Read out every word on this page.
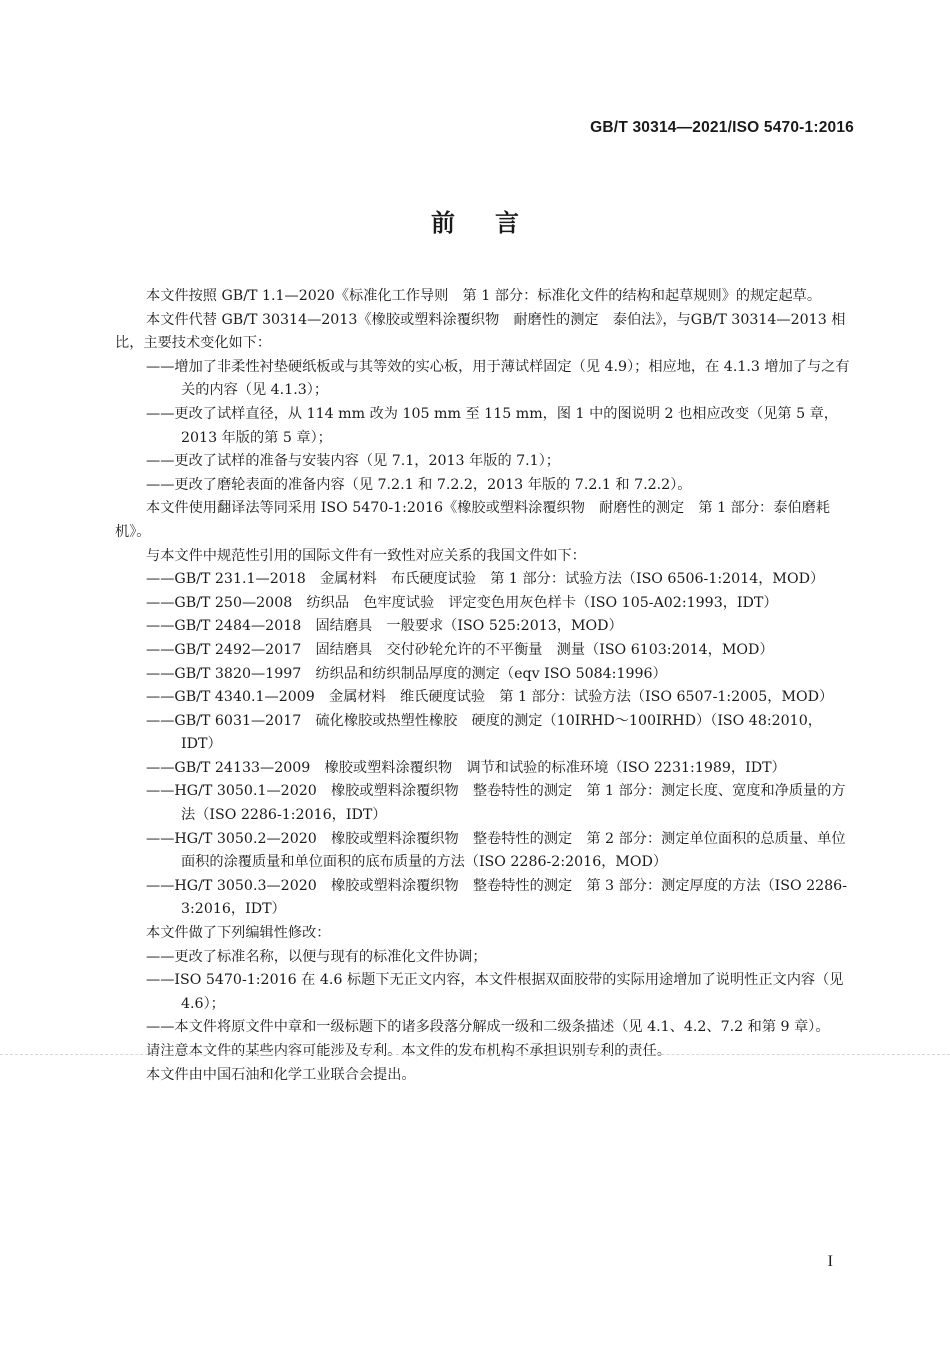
GB/T 30314—2021/ISO 5470-1:2016
前言

本文件按照 GB/T 1.1—2020《标准化工作导则　第 1 部分：标准化文件的结构和起草规则》的规定起草。

本文件代替 GB/T 30314—2013《橡胶或塑料涂覆织物　耐磨性的测定　泰伯法》，与GB/T 30314—2013 相比，主要技术变化如下：

——增加了非柔性衬垫硬纸板或与其等效的实心板，用于薄试样固定（见 4.9）；相应地，在 4.1.3 增加了与之有关的内容（见 4.1.3）；

——更改了试样直径，从 114 mm 改为 105 mm 至 115 mm，图 1 中的图说明 2 也相应改变（见第 5 章，2013 年版的第 5 章）；

——更改了试样的准备与安装内容（见 7.1，2013 年版的 7.1）；

——更改了磨轮表面的准备内容（见 7.2.1 和 7.2.2，2013 年版的 7.2.1 和 7.2.2）。

本文件使用翻译法等同采用 ISO 5470-1:2016《橡胶或塑料涂覆织物　耐磨性的测定　第 1 部分：泰伯磨耗机》。

与本文件中规范性引用的国际文件有一致性对应关系的我国文件如下：

——GB/T 231.1—2018　金属材料　布氏硬度试验　第 1 部分：试验方法（ISO 6506-1:2014，MOD）

——GB/T 250—2008　纺织品　色牢度试验　评定变色用灰色样卡（ISO 105-A02:1993，IDT）

——GB/T 2484—2018　固结磨具　一般要求（ISO 525:2013，MOD）

——GB/T 2492—2017　固结磨具　交付砂轮允许的不平衡量　测量（ISO 6103:2014，MOD）

——GB/T 3820—1997　纺织品和纺织制品厚度的测定（eqv ISO 5084:1996）

——GB/T 4340.1—2009　金属材料　维氏硬度试验　第 1 部分：试验方法（ISO 6507-1:2005，MOD）

——GB/T 6031—2017　硫化橡胶或热塑性橡胶　硬度的测定（10IRHD～100IRHD）（ISO 48:2010，IDT）

——GB/T 24133—2009　橡胶或塑料涂覆织物　调节和试验的标准环境（ISO 2231:1989，IDT）

——HG/T 3050.1—2020　橡胶或塑料涂覆织物　整卷特性的测定　第 1 部分：测定长度、宽度和净质量的方法（ISO 2286-1:2016，IDT）

——HG/T 3050.2—2020　橡胶或塑料涂覆织物　整卷特性的测定　第 2 部分：测定单位面积的总质量、单位面积的涂覆质量和单位面积的底布质量的方法（ISO 2286-2:2016，MOD）

——HG/T 3050.3—2020　橡胶或塑料涂覆织物　整卷特性的测定　第 3 部分：测定厚度的方法（ISO 2286-3:2016，IDT）

本文件做了下列编辑性修改：

——更改了标准名称，以便与现有的标准化文件协调；

——ISO 5470-1:2016 在 4.6 标题下无正文内容，本文件根据双面胶带的实际用途增加了说明性正文内容（见 4.6）；

——本文件将原文件中章和一级标题下的诸多段落分解成一级和二级条描述（见 4.1、4.2、7.2 和第 9 章）。

请注意本文件的某些内容可能涉及专利。本文件的发布机构不承担识别专利的责任。

本文件由中国石油和化学工业联合会提出。

I
